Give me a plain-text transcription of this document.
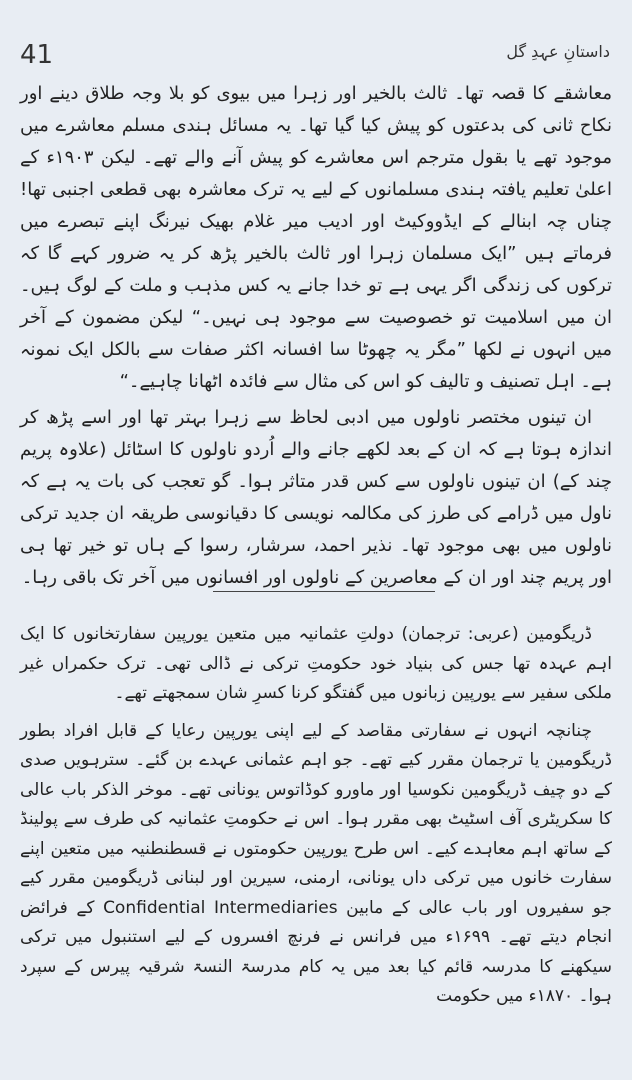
41	داستانِ عہدِ گل

معاشقے کا قصہ تھا۔ ثالث بالخیر اور زہرا میں بیوی کو بلا وجہ طلاق دینے اور نکاح ثانی کی بدعتوں کو پیش کیا گیا تھا۔ یہ مسائل ہندی مسلم معاشرے میں موجود تھے یا بقول مترجم اس معاشرے کو پیش آنے والے تھے۔ لیکن ۱۹۰۳ء کے اعلیٰ تعلیم یافتہ ہندی مسلمانوں کے لیے یہ ترک معاشرہ بھی قطعی اجنبی تھا! چناں چہ ابنالے کے ایڈووکیٹ اور ادیب میر غلام بھیک نیرنگ اپنے تبصرے میں فرماتے ہیں ”ایک مسلمان زہرا اور ثالث بالخیر پڑھ کر یہ ضرور کہے گا کہ ترکوں کی زندگی اگر یہی ہے تو خدا جانے یہ کس مذہب و ملت کے لوگ ہیں۔ ان میں اسلامیت تو خصوصیت سے موجود ہی نہیں۔“ لیکن مضمون کے آخر میں انہوں نے لکھا ”مگر یہ چھوٹا سا افسانہ اکثر صفات سے بالکل ایک نمونہ ہے۔ اہل تصنیف و تالیف کو اس کی مثال سے فائدہ اٹھانا چاہیے۔“

ان تینوں مختصر ناولوں میں ادبی لحاظ سے زہرا بہتر تھا اور اسے پڑھ کر اندازہ ہوتا ہے کہ ان کے بعد لکھے جانے والے اُردو ناولوں کا اسٹائل (علاوہ پریم چند کے) ان تینوں ناولوں سے کس قدر متاثر ہوا۔ گو تعجب کی بات یہ ہے کہ ناول میں ڈرامے کی طرز کی مکالمہ نویسی کا دقیانوسی طریقہ ان جدید ترکی ناولوں میں بھی موجود تھا۔ نذیر احمد، سرشار، رسوا کے ہاں تو خیر تھا ہی اور پریم چند اور ان کے معاصرین کے ناولوں اور افسانوں میں آخر تک باقی رہا۔

ڈریگومین (عربی: ترجمان) دولتِ عثمانیہ میں متعین یورپین سفارتخانوں کا ایک اہم عہدہ تھا جس کی بنیاد خود حکومتِ ترکی نے ڈالی تھی۔ ترک حکمراں غیر ملکی سفیر سے یورپین زبانوں میں گفتگو کرنا کسرِ شان سمجھتے تھے۔

چنانچہ انہوں نے سفارتی مقاصد کے لیے اپنی یورپین رعایا کے قابل افراد بطور ڈریگومین یا ترجمان مقرر کیے تھے۔ جو اہم عثمانی عہدے بن گئے۔ سترہویں صدی کے دو چیف ڈریگومین نکوسیا اور ماورو کوڈاتوس یونانی تھے۔ موخر الذکر باب عالی کا سکریٹری آف اسٹیٹ بھی مقرر ہوا۔ اس نے حکومتِ عثمانیہ کی طرف سے پولینڈ کے ساتھ اہم معاہدے کیے۔ اس طرح یورپین حکومتوں نے قسطنطنیہ میں متعین اپنے سفارت خانوں میں ترکی داں یونانی، ارمنی، سیرین اور لبنانی ڈریگومین مقرر کیے جو سفیروں اور باب عالی کے مابین Confidential Intermediaries کے فرائض انجام دیتے تھے۔ ۱۶۹۹ء میں فرانس نے فرنچ افسروں کے لیے استنبول میں ترکی سیکھنے کا مدرسہ قائم کیا بعد میں یہ کام مدرسۃ النسۃ شرقیہ پیرس کے سپرد ہوا۔ ۱۸۷۰ء میں حکومت
